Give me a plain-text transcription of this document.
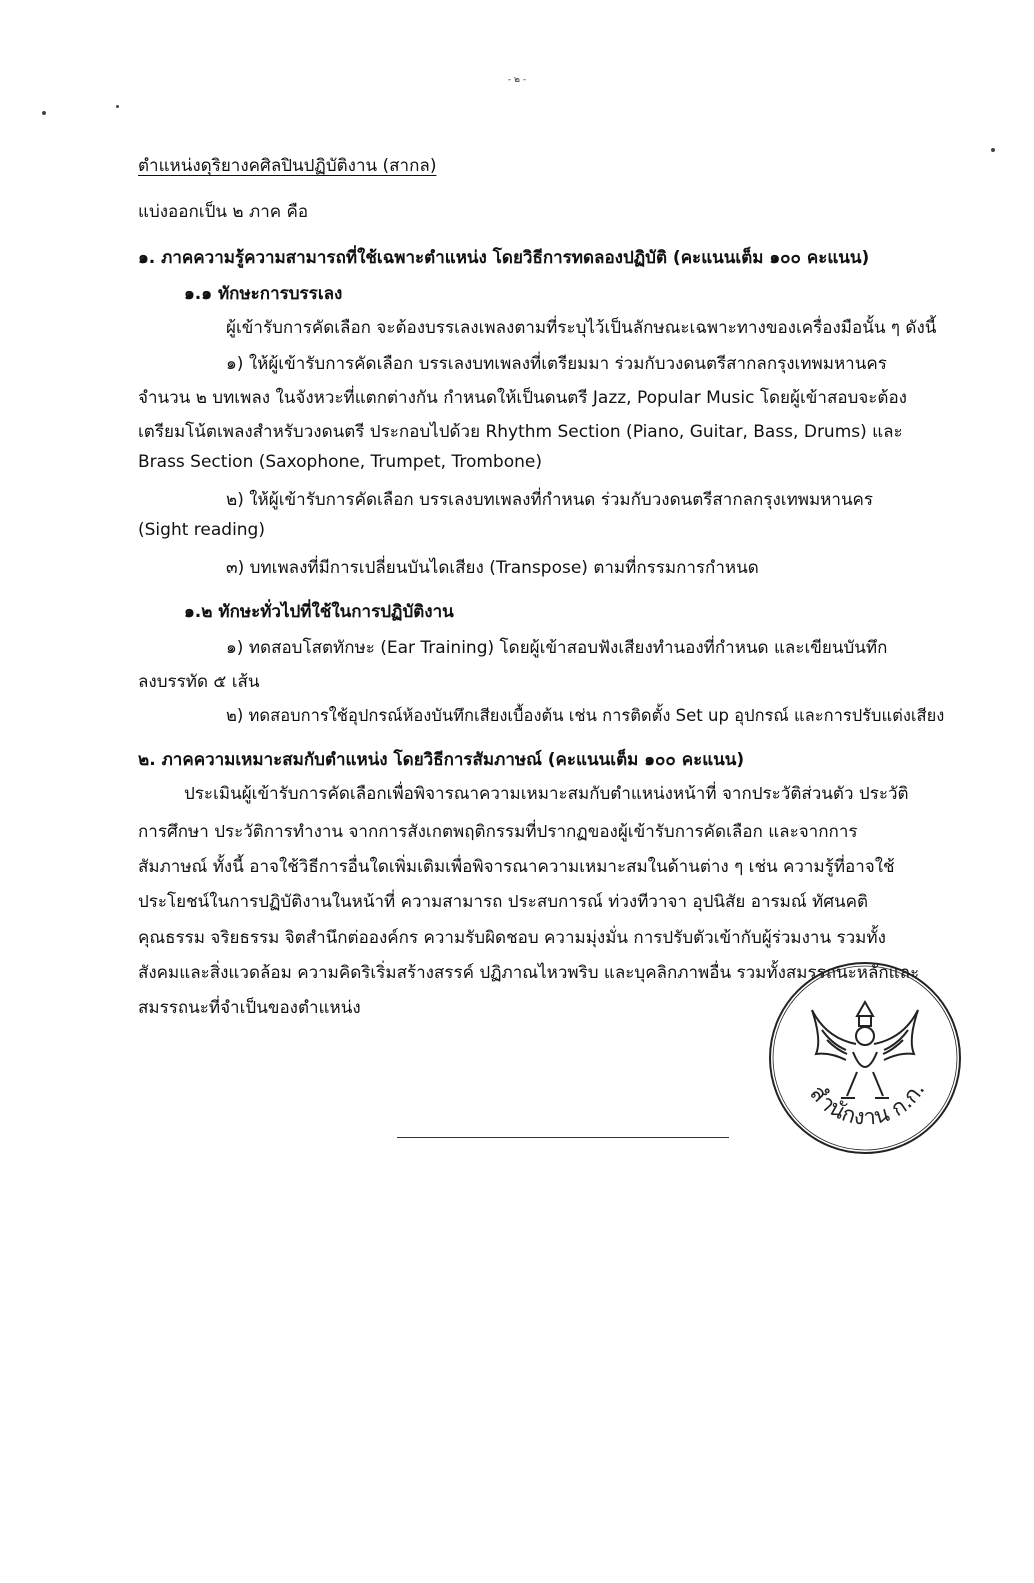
- ๒ -
ตำแหน่งดุริยางคศิลปินปฏิบัติงาน (สากล)
แบ่งออกเป็น ๒ ภาค คือ
๑. ภาคความรู้ความสามารถที่ใช้เฉพาะตำแหน่ง โดยวิธีการทดลองปฏิบัติ (คะแนนเต็ม ๑๐๐ คะแนน)
๑.๑ ทักษะการบรรเลง
ผู้เข้ารับการคัดเลือก จะต้องบรรเลงเพลงตามที่ระบุไว้เป็นลักษณะเฉพาะทางของเครื่องมือนั้น ๆ ดังนี้
๑) ให้ผู้เข้ารับการคัดเลือก บรรเลงบทเพลงที่เตรียมมา ร่วมกับวงดนตรีสากลกรุงเทพมหานคร
จำนวน ๒ บทเพลง ในจังหวะที่แตกต่างกัน กำหนดให้เป็นดนตรี Jazz, Popular Music โดยผู้เข้าสอบจะต้อง
เตรียมโน้ตเพลงสำหรับวงดนตรี ประกอบไปด้วย Rhythm Section (Piano, Guitar, Bass, Drums) และ
Brass Section (Saxophone, Trumpet, Trombone)
๒) ให้ผู้เข้ารับการคัดเลือก บรรเลงบทเพลงที่กำหนด ร่วมกับวงดนตรีสากลกรุงเทพมหานคร
(Sight reading)
๓) บทเพลงที่มีการเปลี่ยนบันไดเสียง (Transpose) ตามที่กรรมการกำหนด
๑.๒ ทักษะทั่วไปที่ใช้ในการปฏิบัติงาน
๑) ทดสอบโสตทักษะ (Ear Training) โดยผู้เข้าสอบฟังเสียงทำนองที่กำหนด และเขียนบันทึก
ลงบรรทัด ๕ เส้น
๒) ทดสอบการใช้อุปกรณ์ห้องบันทึกเสียงเบื้องต้น เช่น การติดตั้ง Set up อุปกรณ์ และการปรับแต่งเสียง
๒. ภาคความเหมาะสมกับตำแหน่ง โดยวิธีการสัมภาษณ์ (คะแนนเต็ม ๑๐๐ คะแนน)
ประเมินผู้เข้ารับการคัดเลือกเพื่อพิจารณาความเหมาะสมกับตำแหน่งหน้าที่ จากประวัติส่วนตัว ประวัติ
การศึกษา ประวัติการทำงาน จากการสังเกตพฤติกรรมที่ปรากฏของผู้เข้ารับการคัดเลือก และจากการ
สัมภาษณ์ ทั้งนี้ อาจใช้วิธีการอื่นใดเพิ่มเติมเพื่อพิจารณาความเหมาะสมในด้านต่าง ๆ เช่น ความรู้ที่อาจใช้
ประโยชน์ในการปฏิบัติงานในหน้าที่ ความสามารถ ประสบการณ์ ท่วงทีวาจา อุปนิสัย อารมณ์ ทัศนคติ
คุณธรรม จริยธรรม จิตสำนึกต่อองค์กร ความรับผิดชอบ ความมุ่งมั่น การปรับตัวเข้ากับผู้ร่วมงาน รวมทั้ง
สังคมและสิ่งแวดล้อม ความคิดริเริ่มสร้างสรรค์ ปฏิภาณไหวพริบ และบุคลิกภาพอื่น รวมทั้งสมรรถนะหลักและ
สมรรถนะที่จำเป็นของตำแหน่ง
สำนักงาน ก.ก.
